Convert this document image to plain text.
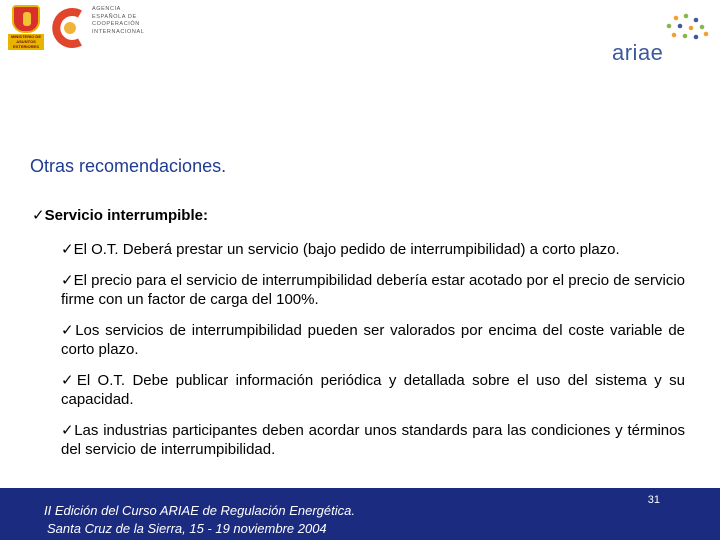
MINISTERIO DE ASUNTOS EXTERIORES
AGENCIA
ESPAÑOLA DE
COOPERACIÓN
INTERNACIONAL
ariae
Otras recomendaciones.
✓Servicio interrumpible:
✓El O.T. Deberá prestar un servicio (bajo pedido de interrumpibilidad) a corto plazo.
✓El precio para el servicio de interrumpibilidad debería estar acotado por el precio de servicio firme con un factor de carga del 100%.
✓Los servicios de interrumpibilidad pueden ser valorados por encima del coste variable de corto plazo.
✓El O.T. Debe publicar información periódica y detallada sobre el uso del sistema y su capacidad.
✓Las industrias participantes deben acordar unos standards para las condiciones y términos del servicio de interrumpibilidad.
II Edición del Curso ARIAE de Regulación Energética.
Santa Cruz de la Sierra, 15 - 19 noviembre 2004
31
